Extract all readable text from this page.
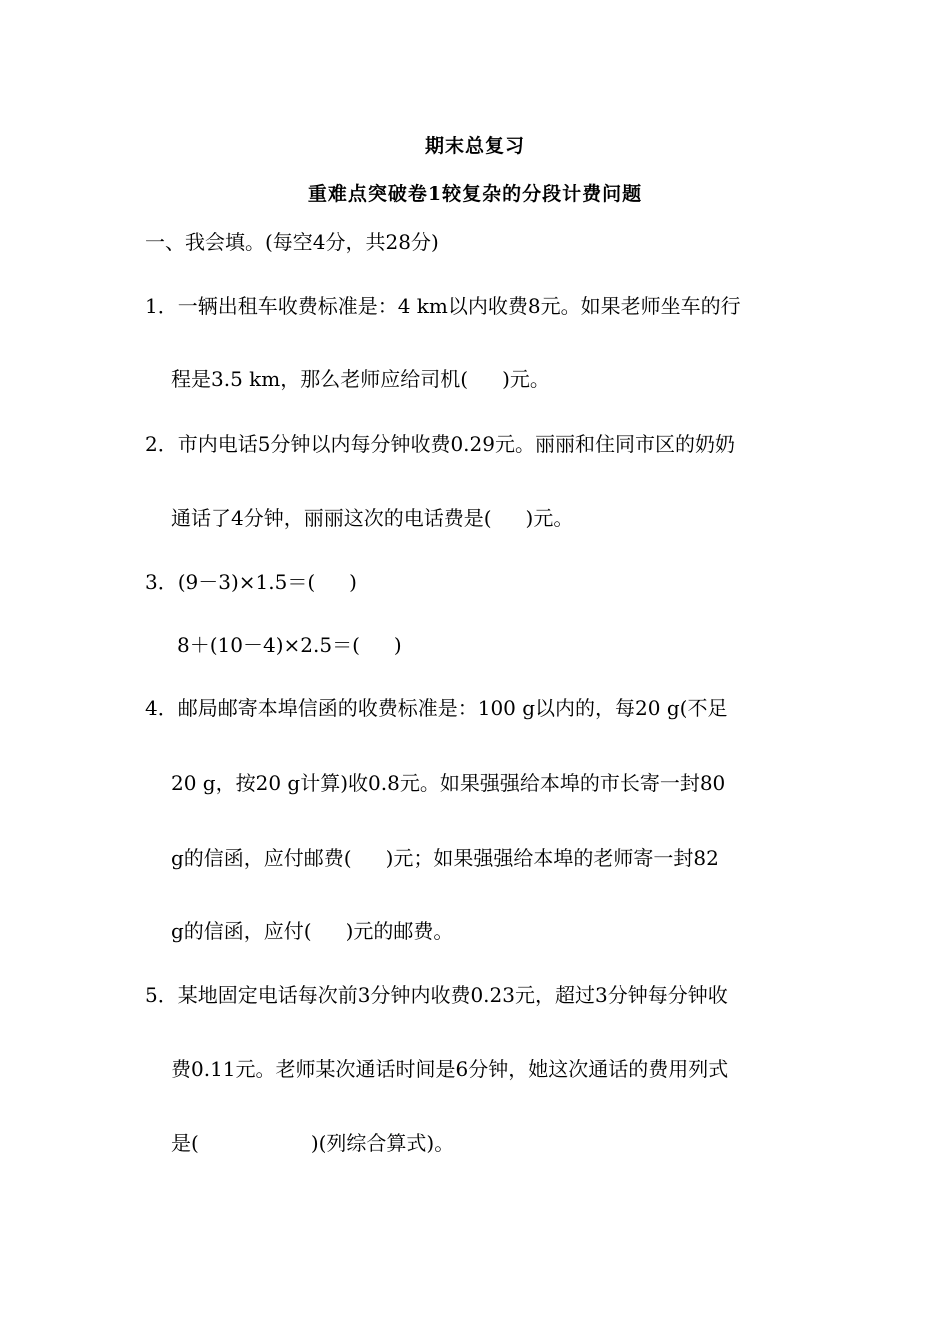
期末总复习
重难点突破卷1较复杂的分段计费问题
一、我会填。(每空4分，共28分)
1．一辆出租车收费标准是：4 km以内收费8元。如果老师坐车的行
程是3.5 km，那么老师应给司机( )元。
2．市内电话5分钟以内每分钟收费0.29元。丽丽和住同市区的奶奶
通话了4分钟，丽丽这次的电话费是( )元。
3．(9－3)×1.5＝( )
8＋(10－4)×2.5＝( )
4．邮局邮寄本埠信函的收费标准是：100 g以内的，每20 g(不足
20 g，按20 g计算)收0.8元。如果强强给本埠的市长寄一封80
g的信函，应付邮费( )元；如果强强给本埠的老师寄一封82
g的信函，应付( )元的邮费。
5．某地固定电话每次前3分钟内收费0.23元，超过3分钟每分钟收
费0.11元。老师某次通话时间是6分钟，她这次通话的费用列式
是(	)(列综合算式)。
